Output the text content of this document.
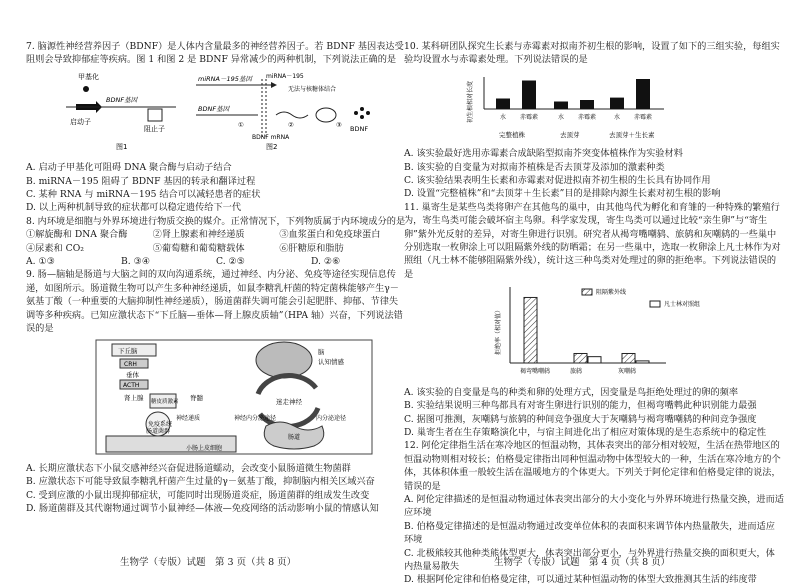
7. 脑源性神经营养因子（BDNF）是人体内含量最多的神经营养因子。若 BDNF 基因表达受阻则会导致抑郁症等疾病。图 1 和图 2 是 BDNF 异常减少的两种机制，下列说法正确的是

甲基化
BDNF基因
启动子
阻止子
图1
miRNA－195基因 miRNA－195
无法与核糖体结合
BDNF基因
BDNF
①	②	③
BDNF mRNA
图2

A. 启动子甲基化可阻碍 DNA 聚合酶与启动子结合

B. miRNA－195 阻碍了 BDNF 基因的转录和翻译过程

C. 某种 RNA 与 miRNA－195 结合可以减轻患者的症状

D. 以上两种机制导致的症状都可以稳定遗传给下一代

8. 内环境是细胞与外界环境进行物质交换的媒介。正常情况下，下列物质属于内环境成分的是

①解旋酶和 DNA 聚合酶	②肾上腺素和神经递质	③血浆蛋白和免疫球蛋白
④尿素和 CO₂	⑤葡萄糖和葡萄糖载体	⑥肝糖原和脂肪
A. ①③	B. ③④	C. ②⑤	D. ②⑥

9. 肠—脑轴是肠道与大脑之间的双向沟通系统，通过神经、内分泌、免疫等途径实现信息传递，如图所示。肠道微生物可以产生多种神经递质，如鼠李糖乳杆菌的特定菌株能够产生γ－氨基丁酸（一种重要的大脑抑制性神经递质），肠道菌群失调可能会引起肥胖、抑郁、节律失调等多种疾病。已知应激状态下“下丘脑—垂体—肾上腺皮质轴”（HPA 轴）兴奋，下列说法错误的是

下丘脑
CRH
垂体
ACTH
肾上腺 糖皮质激素 脊髓
免疫系统
神经递质
肠道菌群
小肠上皮细胞
脑
认知情感
迷走神经
神经内分泌途径	内分泌途径
肠道

A. 长期应激状态下小鼠交感神经兴奋促进肠道蠕动，会改变小鼠肠道微生物菌群

B. 应激状态下可能导致鼠李糖乳杆菌产生过量的γ－氨基丁酸，抑制脑内相关区域兴奋

C. 受到应激的小鼠出现抑郁症状，可能同时出现肠道炎症，肠道菌群的组成发生改变

D. 肠道菌群及其代谢物通过调节小鼠神经—体液—免疫网络的活动影响小鼠的情感认知

10. 某科研团队探究生长素与赤霉素对拟南芥初生根的影响，设置了如下的三组实验，每组实验均设置水与赤霉素处理。下列说法错误的是

初生根相对长度	水 赤霉素	水 赤霉素	水 赤霉素
完整植株	去顶芽	去顶芽＋生长素

A. 该实验最好选用赤霉素合成缺陷型拟南芥突变体植株作为实验材料

B. 该实验的自变量为对拟南芥植株是否去顶芽及添加的激素种类

C. 该实验结果表明生长素和赤霉素对促进拟南芥初生根的生长具有协同作用

D. 设置“完整植株”和“去顶芽＋生长素”目的是排除内源生长素对初生根的影响

11. 巢寄生是某些鸟类将卵产在其他鸟的巢中，由其他鸟代为孵化和育雏的一种特殊的繁殖行为，寄生鸟类可能会破坏宿主鸟卵。科学家发现，寄生鸟类可以通过比较“亲生卵”与“寄生卵”紫外光反射的差异，对寄生卵进行识别。研究者从褐弯嘴嘲鸫、旅鸫和灰嘲鸫的一些巢中分别选取一枚卵涂上可以阻隔紫外线的防晒霜；在另一些巢中，选取一枚卵涂上凡士林作为对照组（凡士林不能够阻隔紫外线），统计这三种鸟类对处理过的卵的拒绝率。下列说法错误的是

拒绝率（相对值）
褐弯嘴嘲鸫	旅鸫	灰嘲鸫
阻隔紫外线
凡士林对照组

A. 该实验的自变量是鸟的种类和卵的处理方式，因变量是鸟拒绝处理过的卵的频率

B. 实验结果说明三种鸟都具有对寄生卵进行识别的能力，但褐弯嘴鹎此种识别能力最强

C. 据图可推测，灰嘲鸫与旅鸫的种间竞争强度大于灰嘲鸫与褐弯嘴嘲鸫的种间竞争强度

D. 巢寄生者在生存策略演化中，与宿主间进化出了相应对策体现的是生态系统中的稳定性

12. 阿伦定律指生活在寒冷地区的恒温动物，其体表突出的部分相对较短，生活在热带地区的恒温动物则相对较长；伯格曼定律指出同种恒温动物中体型较大的一种，生活在寒冷地方的个体，其体积体重一般较生活在温暖地方的个体更大。下列关于阿伦定律和伯格曼定律的说法，错误的是

A. 阿伦定律描述的是恒温动物通过体表突出部分的大小变化与外界环境进行热量交换，进而适应环境

B. 伯格曼定律描述的是恒温动物通过改变单位体积的表面积来调节体内热量散失，进而适应环境

C. 北极熊较其他种类熊体型更大，体表突出部分更小，与外界进行热量交换的面积更大，体内热量易散失

D. 根据阿伦定律和伯格曼定律，可以通过某种恒温动物的体型大致推测其生活的纬度带

生物学（专版）试题　第 3 页（共 8 页）	生物学（专版）试题　第 4 页（共 8 页）
